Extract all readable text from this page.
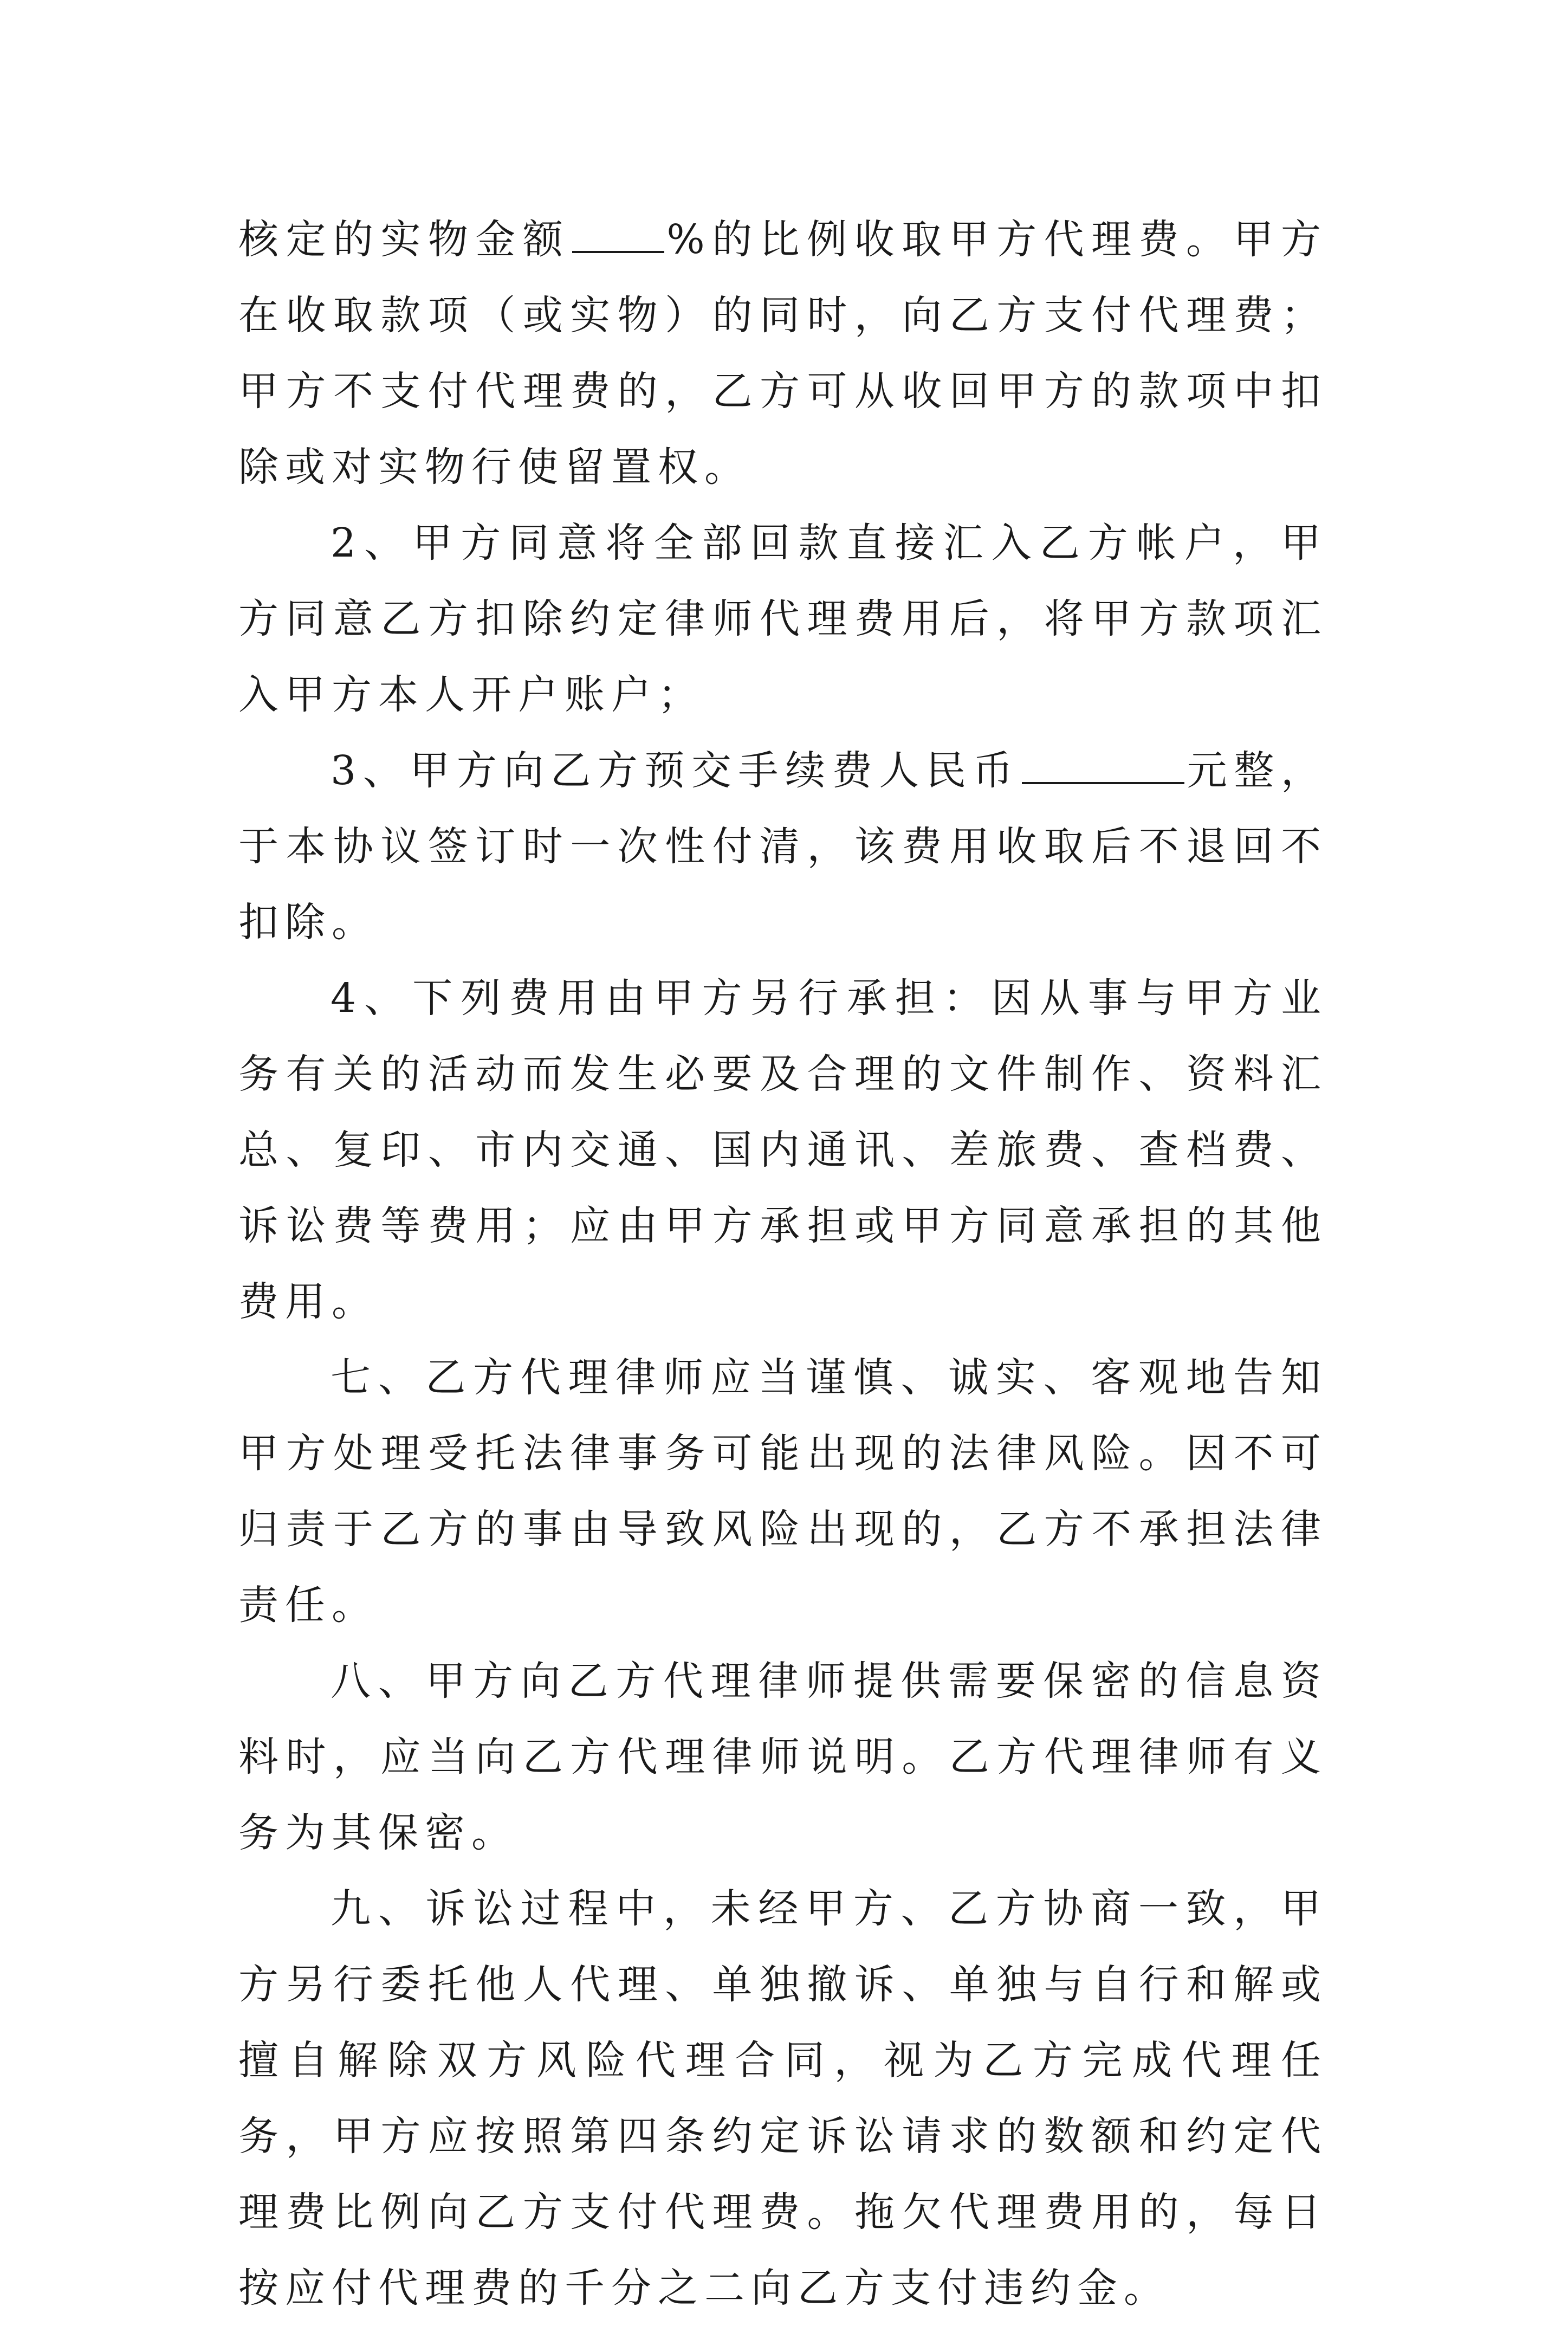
核定的实物金额 %的比例收取甲方代理费。甲方在收取款项（或实物）的同时，向乙方支付代理费；甲方不支付代理费的，乙方可从收回甲方的款项中扣除或对实物行使留置权。

2、甲方同意将全部回款直接汇入乙方帐户，甲方同意乙方扣除约定律师代理费用后，将甲方款项汇入甲方本人开户账户；

3、甲方向乙方预交手续费人民币	元整，于本协议签订时一次性付清，该费用收取后不退回不扣除。

4、下列费用由甲方另行承担：因从事与甲方业务有关的活动而发生必要及合理的文件制作、资料汇总、复印、市内交通、国内通讯、差旅费、查档费、诉讼费等费用；应由甲方承担或甲方同意承担的其他费用。

七、乙方代理律师应当谨慎、诚实、客观地告知甲方处理受托法律事务可能出现的法律风险。因不可归责于乙方的事由导致风险出现的，乙方不承担法律责任。

八、甲方向乙方代理律师提供需要保密的信息资料时，应当向乙方代理律师说明。乙方代理律师有义务为其保密。

九、诉讼过程中，未经甲方、乙方协商一致，甲方另行委托他人代理、单独撤诉、单独与自行和解或擅自解除双方风险代理合同，视为乙方完成代理任务，甲方应按照第四条约定诉讼请求的数额和约定代理费比例向乙方支付代理费。拖欠代理费用的，每日按应付代理费的千分之二向乙方支付违约金。
